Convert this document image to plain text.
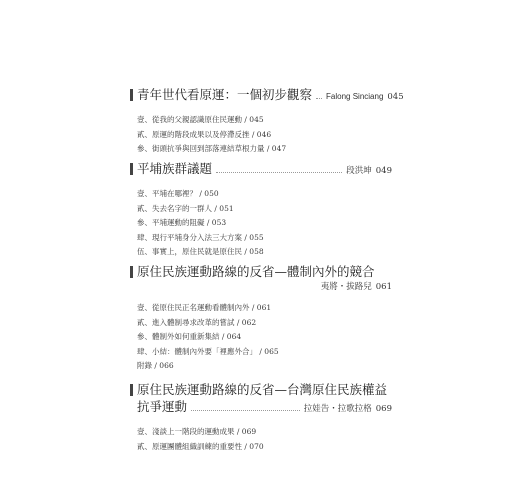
青年世代看原運：一個初步觀察 Falong Sinciang 045
壹、從我的父親認識原住民運動 / 045
貳、原運的階段成果以及停滯反挫 / 046
參、街頭抗爭與回到部落連結草根力量 / 047
平埔族群議題	段洪坤 049
壹、平埔在哪裡？ / 050
貳、失去名字的一群人 / 051
參、平埔運動的阻礙 / 053
肆、現行平埔身分入法三大方案 / 055
伍、事實上，原住民就是原住民 / 058
原住民族運動路線的反省—體制內外的競合
夷將・拔路兒 061
壹、從原住民正名運動看體制內外 / 061
貳、進入體制尋求改革的嘗試 / 062
參、體制外如何重新集結 / 064
肆、小結：體制內外要「裡應外合」 / 065
附錄 / 066
原住民族運動路線的反省—台灣原住民族權益
抗爭運動	拉娃告・拉歌拉格 069
壹、淺談上一階段的運動成果 / 069
貳、原運團體組織訓練的重要性 / 070
